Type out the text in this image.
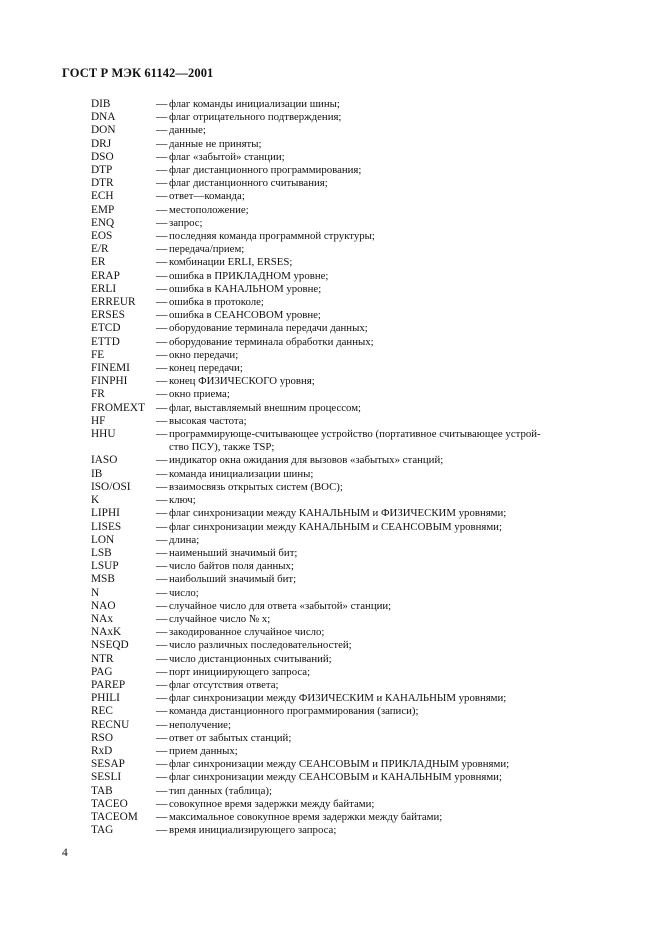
ГОСТ Р МЭК 61142—2001
DIB	— флаг команды инициализации шины;
DNA	— флаг отрицательного подтверждения;
DON	— данные;
DRJ	— данные не приняты;
DSO	— флаг «забытой» станции;
DTP	— флаг дистанционного программирования;
DTR	— флаг дистанционного считывания;
ECH	— ответ—команда;
EMP	— местоположение;
ENQ	— запрос;
EOS	— последняя команда программной структуры;
E/R	— передача/прием;
ER	— комбинации ERLI, ERSES;
ERAP	— ошибка в ПРИКЛАДНОМ уровне;
ERLI	— ошибка в КАНАЛЬНОМ уровне;
ERREUR	— ошибка в протоколе;
ERSES	— ошибка в СЕАНСОВОМ уровне;
ETCD	— оборудование терминала передачи данных;
ETTD	— оборудование терминала обработки данных;
FE	— окно передачи;
FINEMI	— конец передачи;
FINPHI	— конец ФИЗИЧЕСКОГО уровня;
FR	— окно приема;
FROMEXT — флаг, выставляемый внешним процессом;
HF	— высокая частота;
HHU	— программирующе-считывающее устройство (портативное считывающее устрой-
ство ПСУ), также TSP;
IASO	— индикатор окна ожидания для вызовов «забытых» станций;
IB	— команда инициализации шины;
ISO/OSI	— взаимосвязь открытых систем (ВОС);
K	— ключ;
LIPHI	— флаг синхронизации между КАНАЛЬНЫМ и ФИЗИЧЕСКИМ уровнями;
LISES	— флаг синхронизации между КАНАЛЬНЫМ и СЕАНСОВЫМ уровнями;
LON	— длина;
LSB	— наименьший значимый бит;
LSUP	— число байтов поля данных;
MSB	— наибольший значимый бит;
N	— число;
NAO	— случайное число для ответа «забытой» станции;
NAx	— случайное число № x;
NAxK	— закодированное случайное число;
NSEQD	— число различных последовательностей;
NTR	— число дистанционных считываний;
PAG	— порт инициирующего запроса;
PAREP	— флаг отсутствия ответа;
PHILI	— флаг синхронизации между ФИЗИЧЕСКИМ и КАНАЛЬНЫМ уровнями;
REC	— команда дистанционного программирования (записи);
RECNU	— неполучение;
RSO	— ответ от забытых станций;
RxD	— прием данных;
SESAP	— флаг синхронизации между СЕАНСОВЫМ и ПРИКЛАДНЫМ уровнями;
SESLI	— флаг синхронизации между СЕАНСОВЫМ и КАНАЛЬНЫМ уровнями;
TAB	— тип данных (таблица);
TACEO	— совокупное время задержки между байтами;
TACEOM	— максимальное совокупное время задержки между байтами;
TAG	— время инициализирующего запроса;
4
